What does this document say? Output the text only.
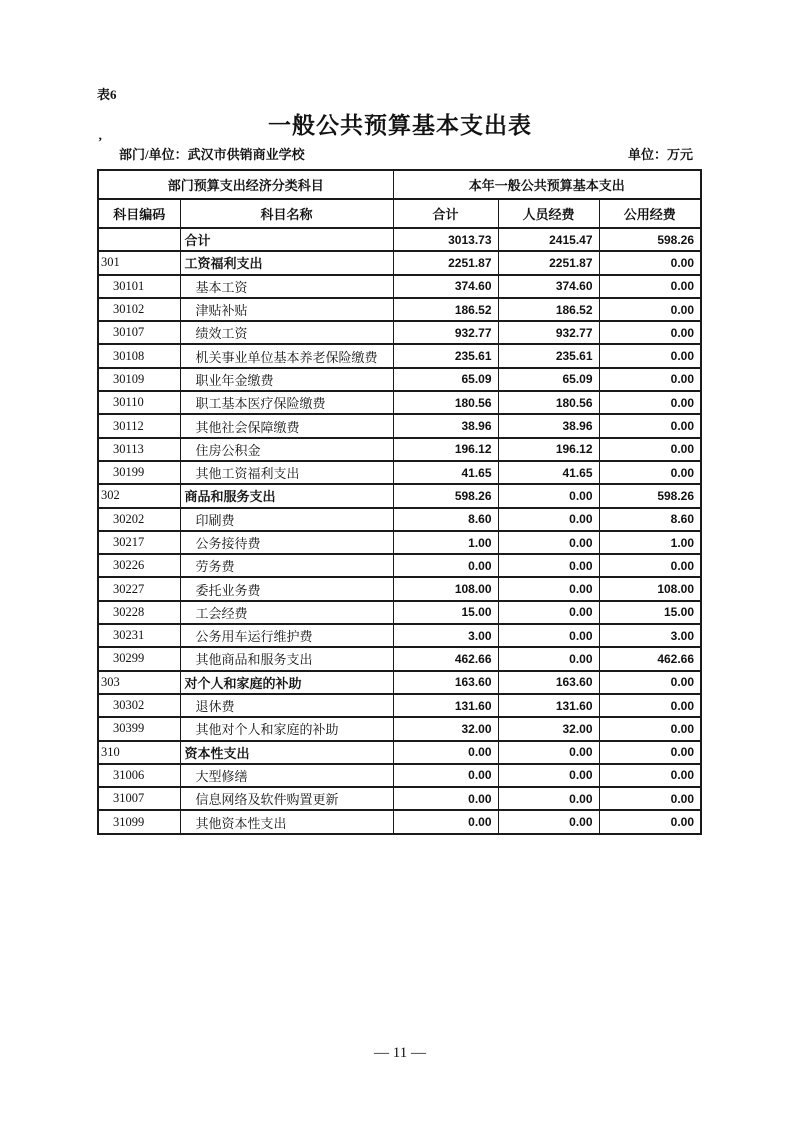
表6
一般公共预算基本支出表
’
部门/单位：武汉市供销商业学校	单位：万元
部门预算支出经济分类科目		本年一般公共预算基本支出		
科目编码	科目名称	合计	人员经费	公用经费
	合计	3013.73	2415.47	598.26
301	工资福利支出	2251.87	2251.87	0.00
30101	基本工资	374.60	374.60	0.00
30102	津贴补贴	186.52	186.52	0.00
30107	绩效工资	932.77	932.77	0.00
30108	机关事业单位基本养老保险缴费	235.61	235.61	0.00
30109	职业年金缴费	65.09	65.09	0.00
30110	职工基本医疗保险缴费	180.56	180.56	0.00
30112	其他社会保障缴费	38.96	38.96	0.00
30113	住房公积金	196.12	196.12	0.00
30199	其他工资福利支出	41.65	41.65	0.00
302	商品和服务支出	598.26	0.00	598.26
30202	印刷费	8.60	0.00	8.60
30217	公务接待费	1.00	0.00	1.00
30226	劳务费	0.00	0.00	0.00
30227	委托业务费	108.00	0.00	108.00
30228	工会经费	15.00	0.00	15.00
30231	公务用车运行维护费	3.00	0.00	3.00
30299	其他商品和服务支出	462.66	0.00	462.66
303	对个人和家庭的补助	163.60	163.60	0.00
30302	退休费	131.60	131.60	0.00
30399	其他对个人和家庭的补助	32.00	32.00	0.00
310	资本性支出	0.00	0.00	0.00
31006	大型修缮	0.00	0.00	0.00
31007	信息网络及软件购置更新	0.00	0.00	0.00
31099	其他资本性支出	0.00	0.00	0.00
— 11 —
